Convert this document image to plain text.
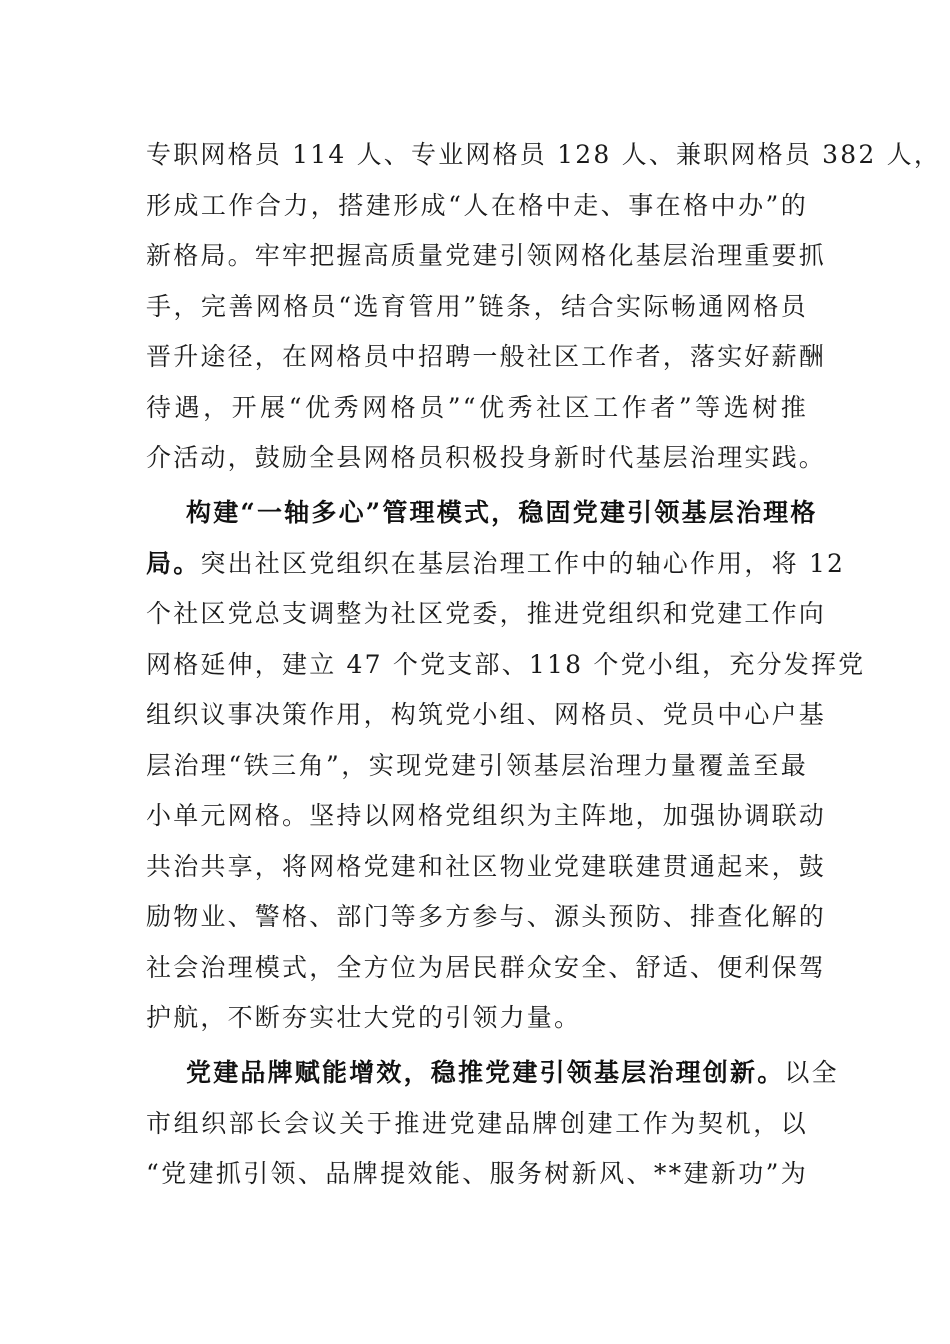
专职网格员 114 人、专业网格员 128 人、兼职网格员 382 人，
形成工作合力，搭建形成“人在格中走、事在格中办”的
新格局。牢牢把握高质量党建引领网格化基层治理重要抓
手，完善网格员“选育管用”链条，结合实际畅通网格员
晋升途径，在网格员中招聘一般社区工作者，落实好薪酬
待遇，开展“优秀网格员”“优秀社区工作者”等选树推
介活动，鼓励全县网格员积极投身新时代基层治理实践。
构建“一轴多心”管理模式，稳固党建引领基层治理格
局。突出社区党组织在基层治理工作中的轴心作用，将 12
个社区党总支调整为社区党委，推进党组织和党建工作向
网格延伸，建立 47 个党支部、118 个党小组，充分发挥党
组织议事决策作用，构筑党小组、网格员、党员中心户基
层治理“铁三角”，实现党建引领基层治理力量覆盖至最
小单元网格。坚持以网格党组织为主阵地，加强协调联动
共治共享，将网格党建和社区物业党建联建贯通起来，鼓
励物业、警格、部门等多方参与、源头预防、排查化解的
社会治理模式，全方位为居民群众安全、舒适、便利保驾
护航，不断夯实壮大党的引领力量。
党建品牌赋能增效，稳推党建引领基层治理创新。以全
市组织部长会议关于推进党建品牌创建工作为契机，以
“党建抓引领、品牌提效能、服务树新风、**建新功”为
